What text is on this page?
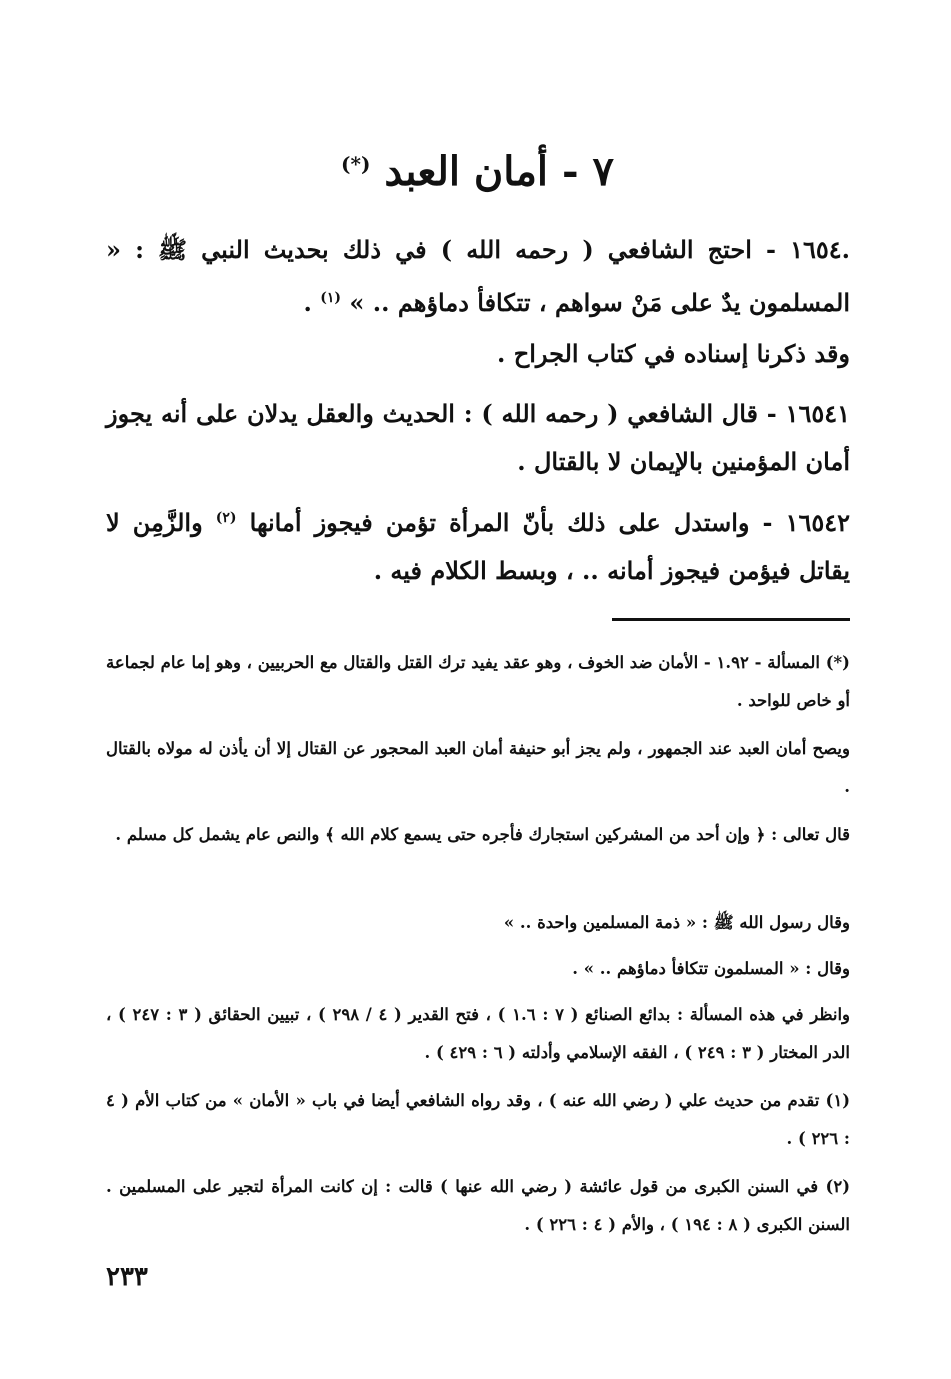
٧ - أمان العبد (*)
.١٦٥٤ - احتج الشافعي ( رحمه الله ) في ذلك بحديث النبي ﷺ : « المسلمون يدٌ على مَنْ سواهم ، تتكافأ دماؤهم .. » $^{(١)}$ .
وقد ذكرنا إسناده في كتاب الجراح .
١٦٥٤١ - قال الشافعي ( رحمه الله ) : الحديث والعقل يدلان على أنه يجوز أمان المؤمنين بالإيمان لا بالقتال .
١٦٥٤٢ - واستدل على ذلك بأنّ المرأة تؤمن فيجوز أمانها $^{(٢)}$ والزَّمِن لا يقاتل فيؤمن فيجوز أمانه .. ، وبسط الكلام فيه .
(*) المسألة - ١.٩٢ - الأمان ضد الخوف ، وهو عقد يفيد ترك القتل والقتال مع الحربيين ، وهو إما عام لجماعة أو خاص للواحد .
ويصح أمان العبد عند الجمهور ، ولم يجز أبو حنيفة أمان العبد المحجور عن القتال إلا أن يأذن له مولاه بالقتال .
قال تعالى : ﴿ وإن أحد من المشركين استجارك فأجره حتى يسمع كلام الله ﴾ والنص عام يشمل كل مسلم .
وقال رسول الله ﷺ : « ذمة المسلمين واحدة .. »
وقال : « المسلمون تتكافأ دماؤهم .. » .
وانظر في هذه المسألة : بدائع الصنائع ( ٧ : ١.٦ ) ، فتح القدير ( ٤ / ٢٩٨ ) ، تبيين الحقائق ( ٣ : ٢٤٧ ) ، الدر المختار ( ٣ : ٢٤٩ ) ، الفقه الإسلامي وأدلته ( ٦ : ٤٢٩ ) .
(١) تقدم من حديث علي ( رضي الله عنه ) ، وقد رواه الشافعي أيضا في باب « الأمان » من كتاب الأم ( ٤ : ٢٢٦ ) .
(٢) في السنن الكبرى من قول عائشة ( رضي الله عنها ) قالت : إن كانت المرأة لتجير على المسلمين . السنن الكبرى ( ٨ : ١٩٤ ) ، والأم ( ٤ : ٢٢٦ ) .
٢٣٣
